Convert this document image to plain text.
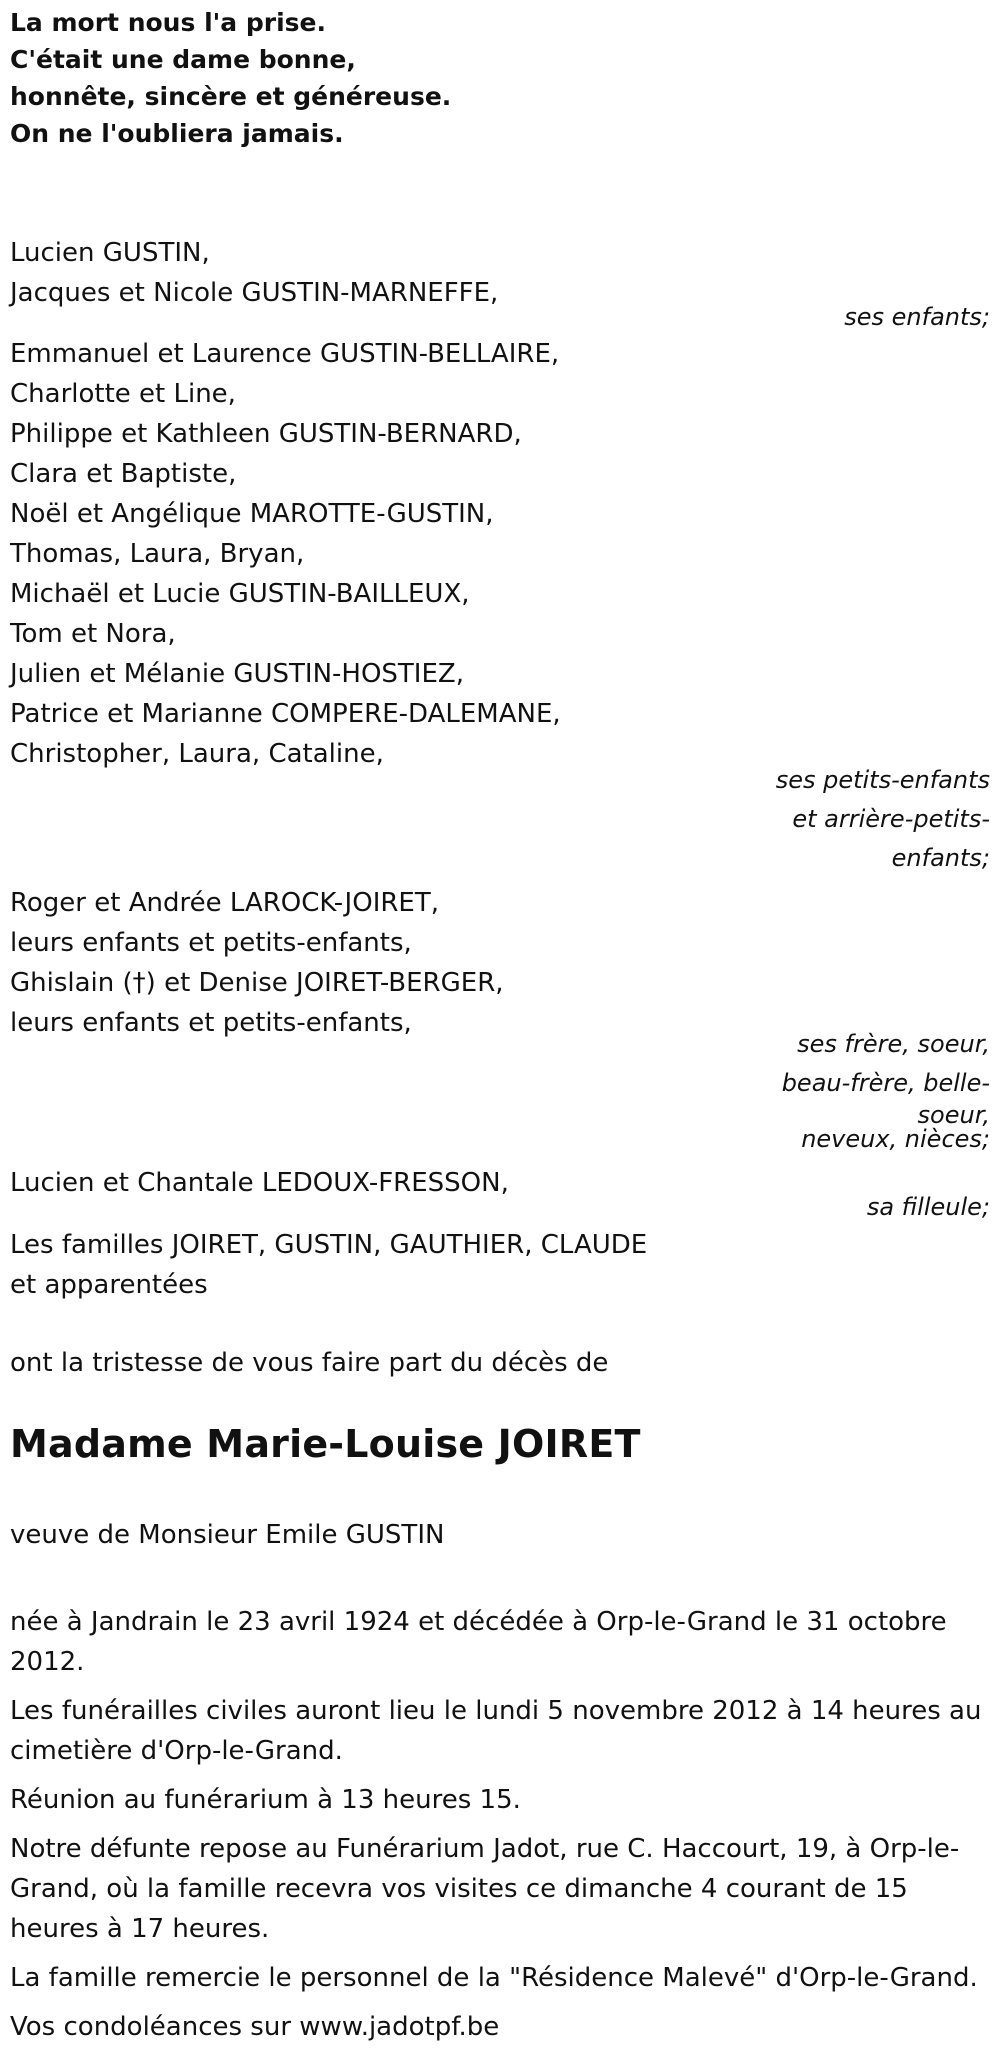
La mort nous l'a prise.
C'était une dame bonne,
honnête, sincère et généreuse.
On ne l'oubliera jamais.
Lucien GUSTIN,
Jacques et Nicole GUSTIN-MARNEFFE,
ses enfants;
Emmanuel et Laurence GUSTIN-BELLAIRE,
Charlotte et Line,
Philippe et Kathleen GUSTIN-BERNARD,
Clara et Baptiste,
Noël et Angélique MAROTTE-GUSTIN,
Thomas, Laura, Bryan,
Michaël et Lucie GUSTIN-BAILLEUX,
Tom et Nora,
Julien et Mélanie GUSTIN-HOSTIEZ,
Patrice et Marianne COMPERE-DALEMANE,
Christopher, Laura, Cataline,
ses petits-enfants
et arrière-petits-
enfants;
Roger et Andrée LAROCK-JOIRET,
leurs enfants et petits-enfants,
Ghislain (†) et Denise JOIRET-BERGER,
leurs enfants et petits-enfants,
ses frère, soeur,
beau-frère, belle-
soeur,
neveux, nièces;
Lucien et Chantale LEDOUX-FRESSON,
sa filleule;
Les familles JOIRET, GUSTIN, GAUTHIER, CLAUDE
et apparentées
ont la tristesse de vous faire part du décès de
Madame Marie-Louise JOIRET
veuve de Monsieur Emile GUSTIN
née à Jandrain le 23 avril 1924 et décédée à Orp-le-Grand le 31 octobre 2012.
Les funérailles civiles auront lieu le lundi 5 novembre 2012 à 14 heures au cimetière d'Orp-le-Grand.
Réunion au funérarium à 13 heures 15.
Notre défunte repose au Funérarium Jadot, rue C. Haccourt, 19, à Orp-le-Grand, où la famille recevra vos visites ce dimanche 4 courant de 15 heures à 17 heures.
La famille remercie le personnel de la "Résidence Malevé" d'Orp-le-Grand.
Vos condoléances sur www.jadotpf.be
